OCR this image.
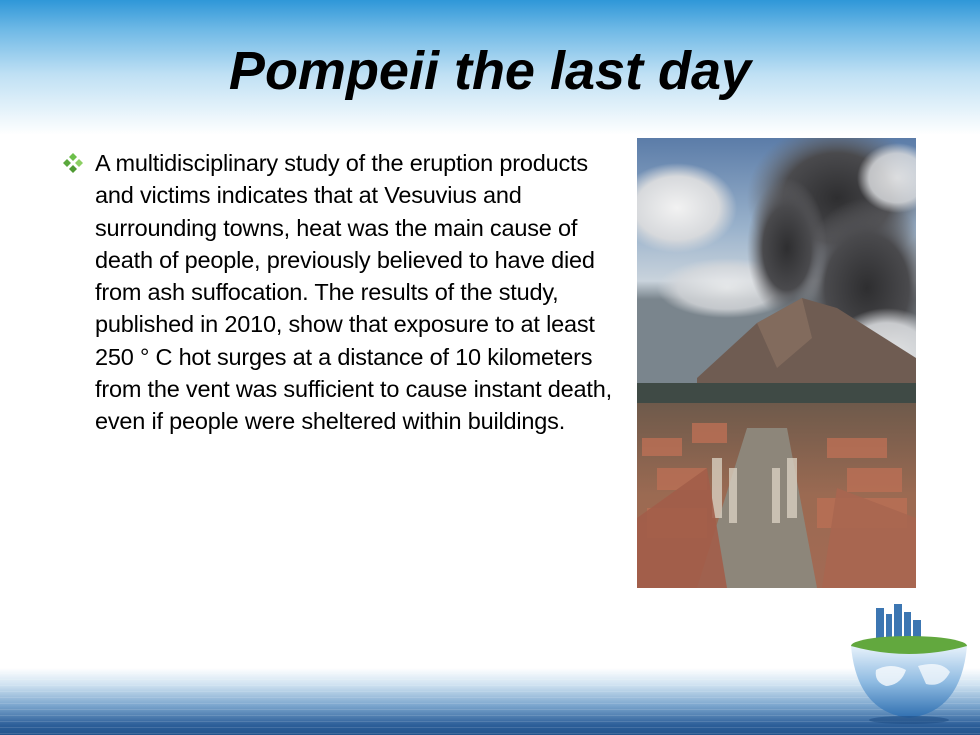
Pompeii the last day

A multidisciplinary study of the eruption products and victims indicates that at Vesuvius and surrounding towns, heat was the main cause of death of people, previously believed to have died from ash suffocation. The results of the study, published in 2010, show that exposure to at least 250 ° C hot surges at a distance of 10 kilometers from the vent was sufficient to cause instant death, even if people were sheltered within buildings.
